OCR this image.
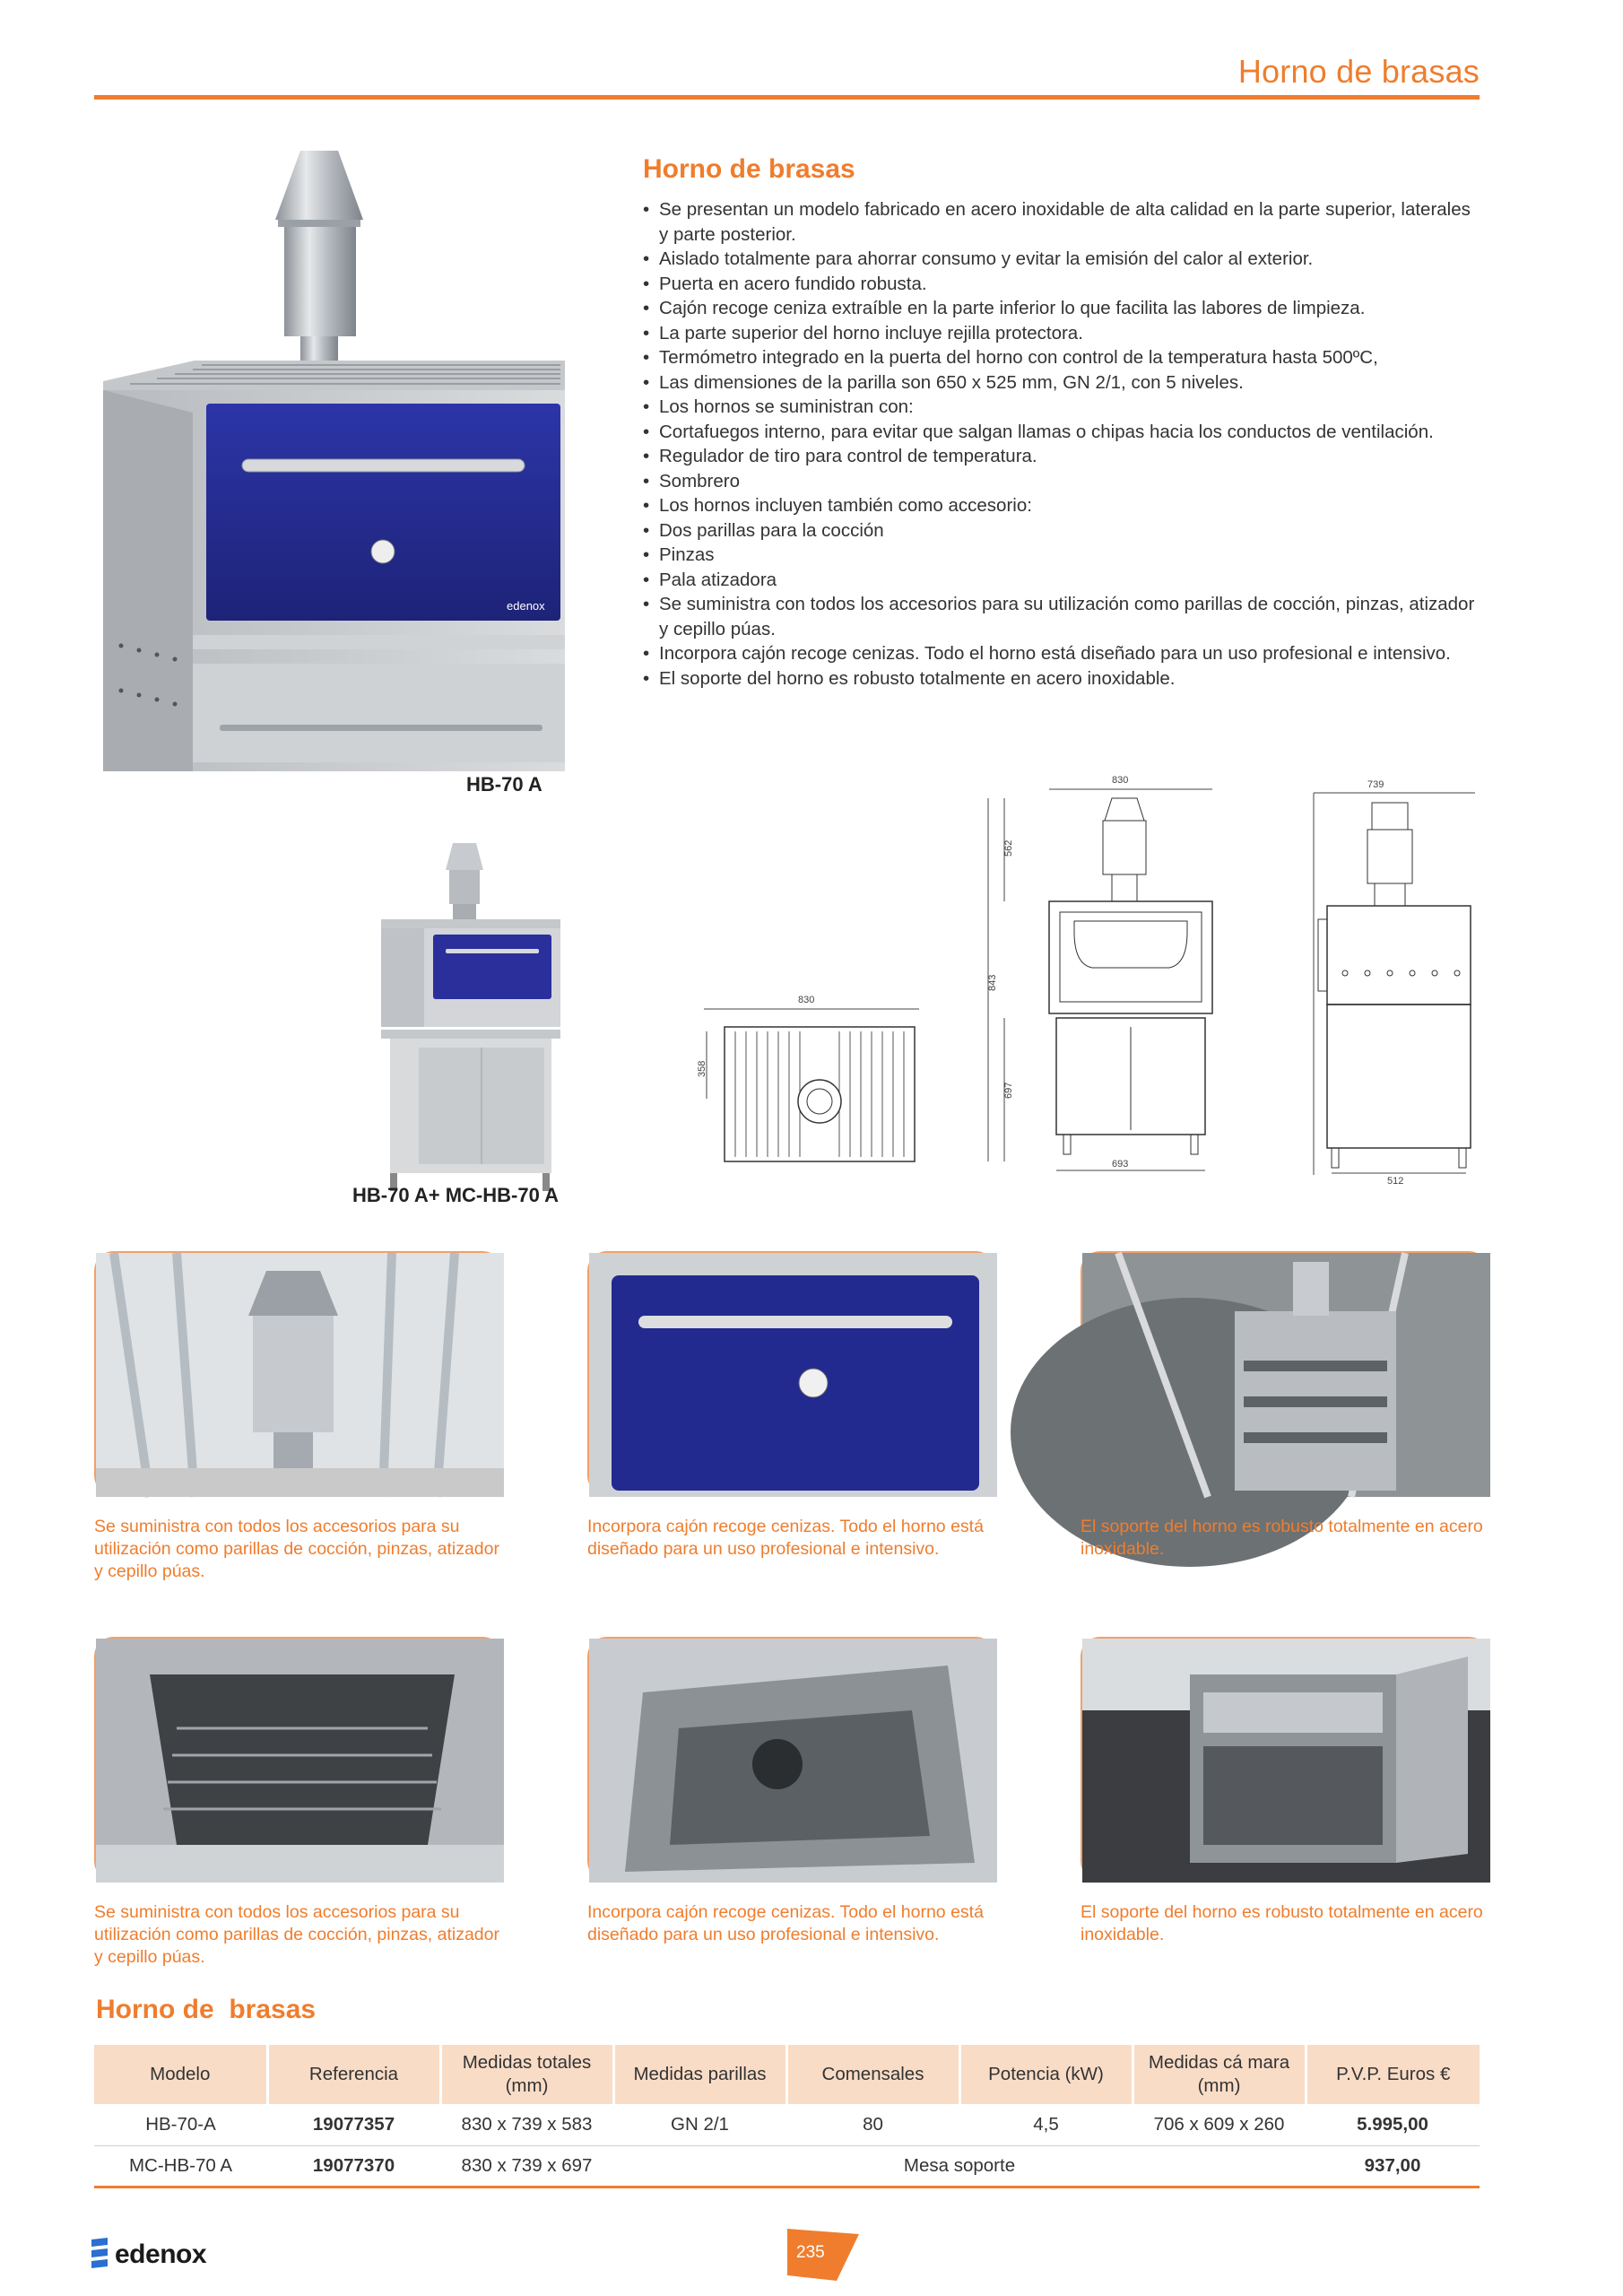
Horno de brasas
edenox
HB-70 A
HB-70 A+ MC-HB-70 A
Horno de brasas
• Se presentan un modelo fabricado en acero inoxidable de alta calidad en la parte superior, laterales y parte posterior.
• Aislado totalmente para ahorrar consumo y evitar la emisión del calor al exterior.
• Puerta en acero fundido robusta.
• Cajón recoge ceniza extraíble en la parte inferior lo que facilita las labores de limpieza.
• La parte superior del horno incluye rejilla protectora.
• Termómetro integrado en la puerta del horno con control de la temperatura hasta 500ºC,
• Las dimensiones de la parilla son 650 x 525 mm, GN 2/1, con 5 niveles.
• Los hornos se suministran con:
• Cortafuegos interno, para evitar que salgan llamas o chipas hacia los conductos de ventilación.
• Regulador de tiro para control de temperatura.
• Sombrero
• Los hornos incluyen también como accesorio:
• Dos parillas para la cocción
• Pinzas
• Pala atizadora
• Se suministra con todos los accesorios para su utilización como parillas de cocción, pinzas, atizador y cepillo púas.
• Incorpora cajón recoge cenizas. Todo el horno está diseñado para un uso profesional e intensivo.
• El soporte del horno es robusto totalmente en acero inoxidable.
830
358
830
562
843
697
693
739
512
Se suministra con todos los accesorios para su utilización como parillas de cocción, pinzas, atizador y cepillo púas.
Incorpora cajón recoge cenizas. Todo el horno está diseñado para un uso profesional e intensivo.
El soporte del horno es robusto totalmente en acero inoxidable.
Se suministra con todos los accesorios para su utilización como parillas de cocción, pinzas, atizador y cepillo púas.
Incorpora cajón recoge cenizas. Todo el horno está diseñado para un uso profesional e intensivo.
El soporte del horno es robusto totalmente en acero inoxidable.
Horno de  brasas
Modelo	Referencia	Medidas totales (mm)	Medidas parillas	Comensales	Potencia (kW)	Medidas cá mara (mm)	P.V.P. Euros €
HB-70-A	19077357	830 x 739 x 583	GN 2/1	80	4,5	706 x 609 x 260	5.995,00
MC-HB-70 A	19077370	830 x 739 x 697	Mesa soporte				937,00
edenox	235
